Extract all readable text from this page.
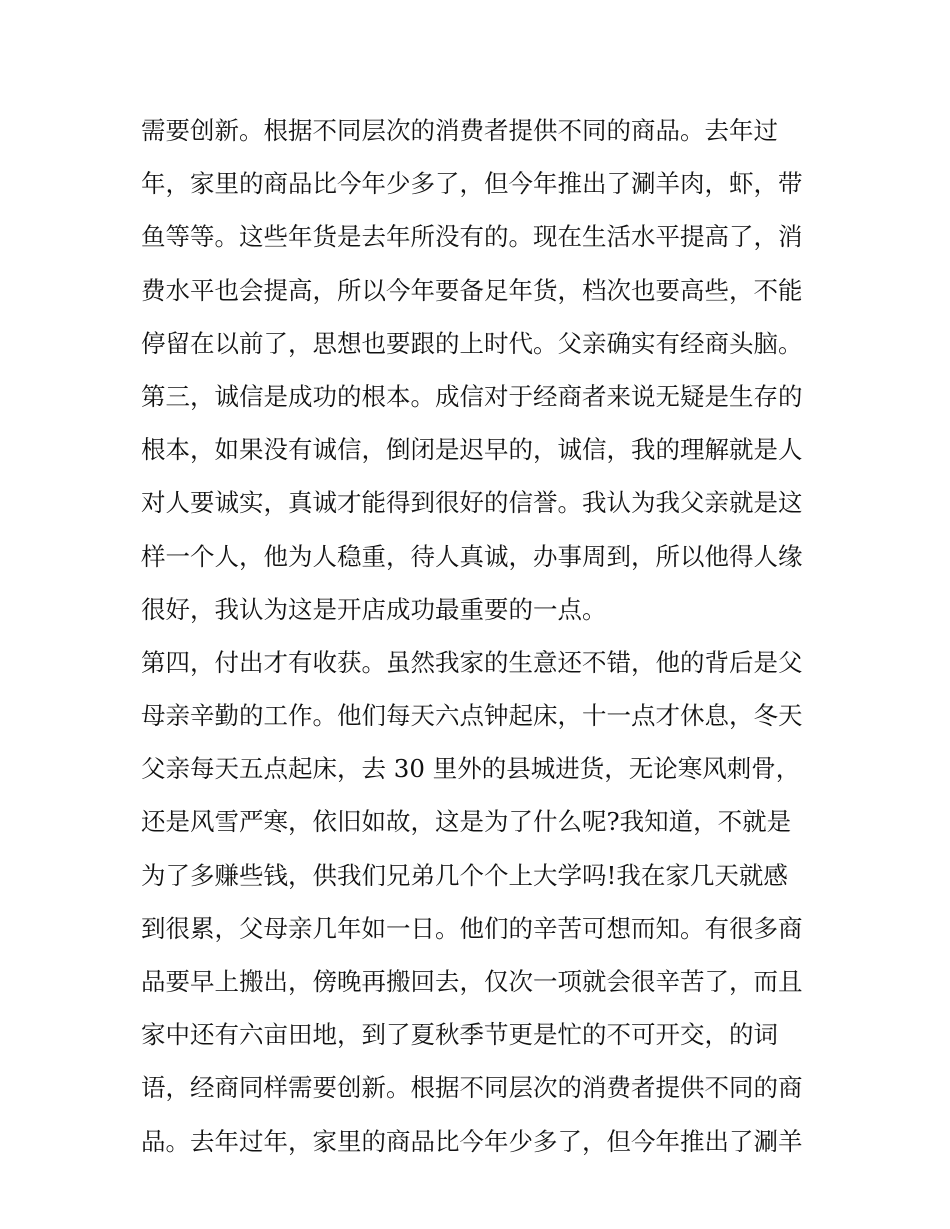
需要创新。根据不同层次的消费者提供不同的商品。去年过
年，家里的商品比今年少多了，但今年推出了涮羊肉，虾，带
鱼等等。这些年货是去年所没有的。现在生活水平提高了，消
费水平也会提高，所以今年要备足年货，档次也要高些，不能
停留在以前了，思想也要跟的上时代。父亲确实有经商头脑。
第三，诚信是成功的根本。成信对于经商者来说无疑是生存的
根本，如果没有诚信，倒闭是迟早的，诚信，我的理解就是人
对人要诚实，真诚才能得到很好的信誉。我认为我父亲就是这
样一个人，他为人稳重，待人真诚，办事周到，所以他得人缘
很好，我认为这是开店成功最重要的一点。
第四，付出才有收获。虽然我家的生意还不错，他的背后是父
母亲辛勤的工作。他们每天六点钟起床，十一点才休息，冬天
父亲每天五点起床，去 30 里外的县城进货，无论寒风刺骨，
还是风雪严寒，依旧如故，这是为了什么呢?我知道，不就是
为了多赚些钱，供我们兄弟几个个上大学吗!我在家几天就感
到很累，父母亲几年如一日。他们的辛苦可想而知。有很多商
品要早上搬出，傍晚再搬回去，仅次一项就会很辛苦了，而且
家中还有六亩田地，到了夏秋季节更是忙的不可开交，的词
语，经商同样需要创新。根据不同层次的消费者提供不同的商
品。去年过年，家里的商品比今年少多了，但今年推出了涮羊
